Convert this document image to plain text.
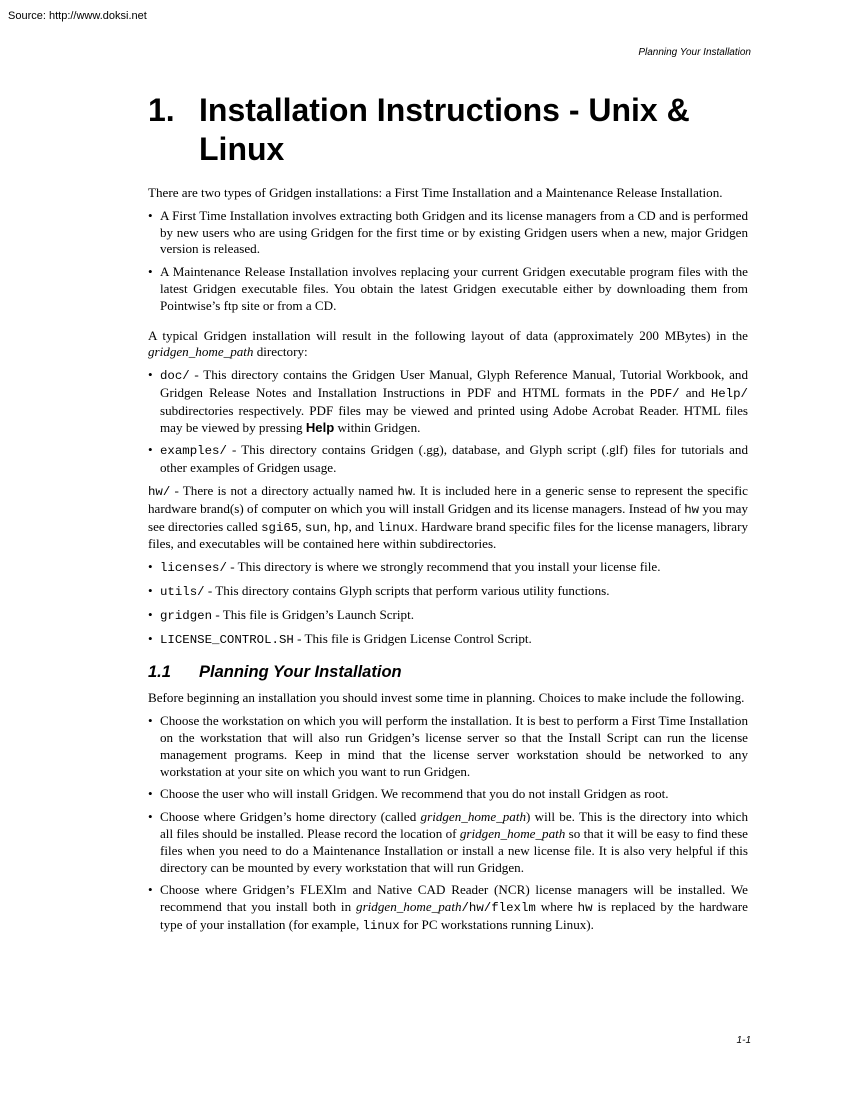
Source: http://www.doksi.net
Planning Your Installation
1. Installation Instructions - Unix & Linux

There are two types of Gridgen installations: a First Time Installation and a Maintenance Release Installation.

• A First Time Installation involves extracting both Gridgen and its license managers from a CD and is performed by new users who are using Gridgen for the first time or by existing Gridgen users when a new, major Gridgen version is released.
• A Maintenance Release Installation involves replacing your current Gridgen executable program files with the latest Gridgen executable files. You obtain the latest Gridgen executable either by downloading them from Pointwise’s ftp site or from a CD.

A typical Gridgen installation will result in the following layout of data (approximately 200 MBytes) in the gridgen_home_path directory:

• doc/ - This directory contains the Gridgen User Manual, Glyph Reference Manual, Tutorial Workbook, and Gridgen Release Notes and Installation Instructions in PDF and HTML formats in the PDF/ and Help/ subdirectories respectively. PDF files may be viewed and printed using Adobe Acrobat Reader. HTML files may be viewed by pressing Help within Gridgen.
• examples/ - This directory contains Gridgen (.gg), database, and Glyph script (.glf) files for tutorials and other examples of Gridgen usage.

hw/ - There is not a directory actually named hw. It is included here in a generic sense to represent the specific hardware brand(s) of computer on which you will install Gridgen and its license managers. Instead of hw you may see directories called sgi65, sun, hp, and linux. Hardware brand specific files for the license managers, library files, and executables will be contained here within subdirectories.

• licenses/ - This directory is where we strongly recommend that you install your license file.
• utils/ - This directory contains Glyph scripts that perform various utility functions.
• gridgen - This file is Gridgen’s Launch Script.
• LICENSE_CONTROL.SH - This file is Gridgen License Control Script.
1.1	Planning Your Installation

Before beginning an installation you should invest some time in planning. Choices to make include the following.

• Choose the workstation on which you will perform the installation. It is best to perform a First Time Installation on the workstation that will also run Gridgen’s license server so that the Install Script can run the license management programs. Keep in mind that the license server workstation should be networked to any workstation at your site on which you want to run Gridgen.
• Choose the user who will install Gridgen. We recommend that you do not install Gridgen as root.
• Choose where Gridgen’s home directory (called gridgen_home_path) will be. This is the directory into which all files should be installed. Please record the location of gridgen_home_path so that it will be easy to find these files when you need to do a Maintenance Installation or install a new license file. It is also very helpful if this directory can be mounted by every workstation that will run Gridgen.
• Choose where Gridgen’s FLEXlm and Native CAD Reader (NCR) license managers will be installed. We recommend that you install both in gridgen_home_path/hw/flexlm where hw is replaced by the hardware type of your installation (for example, linux for PC workstations running Linux).
1-1
